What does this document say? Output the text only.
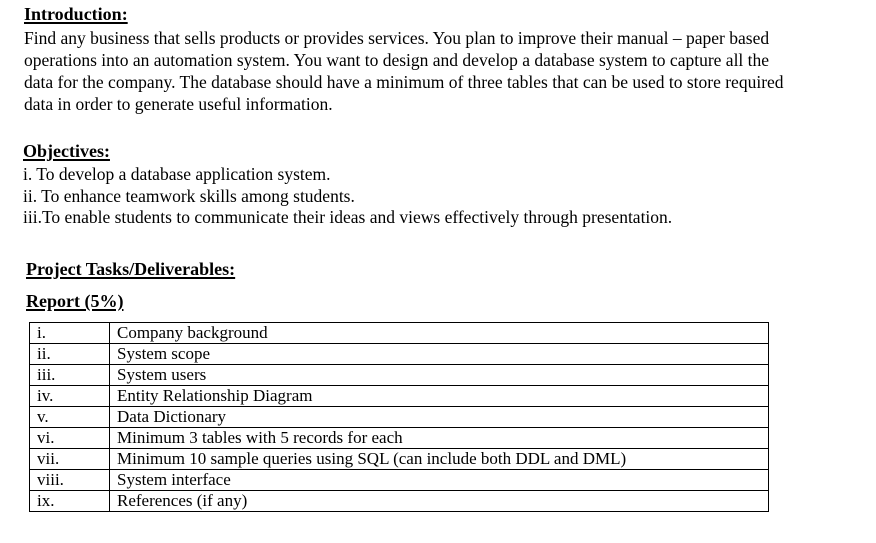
Introduction:
Find any business that sells products or provides services. You plan to improve their manual – paper based
operations into an automation system. You want to design and develop a database system to capture all the
data for the company. The database should have a minimum of three tables that can be used to store required
data in order to generate useful information.
Objectives:
i. To develop a database application system.
ii. To enhance teamwork skills among students.
iii.To enable students to communicate their ideas and views effectively through presentation.
Project Tasks/Deliverables:
Report (5%)
i.	Company background
ii.	System scope
iii.	System users
iv.	Entity Relationship Diagram
v.	Data Dictionary
vi.	Minimum 3 tables with 5 records for each
vii.	Minimum 10 sample queries using SQL (can include both DDL and DML)
viii.	System interface
ix.	References (if any)
